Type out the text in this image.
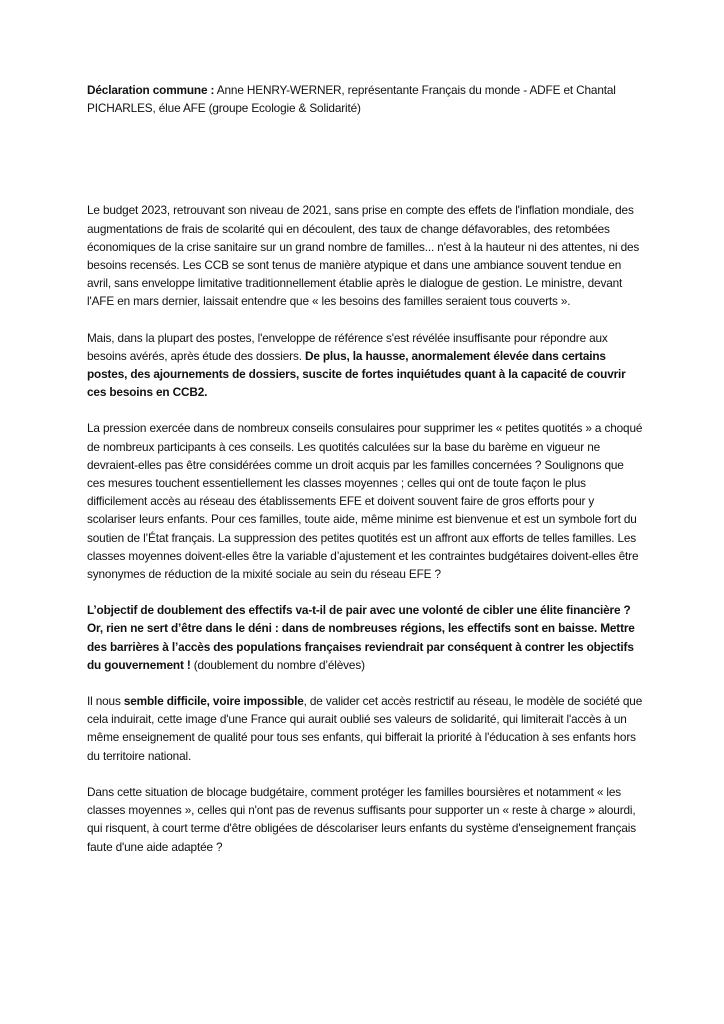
Déclaration commune : Anne HENRY-WERNER, représentante Français du monde - ADFE et Chantal PICHARLES, élue AFE (groupe Ecologie & Solidarité)

Le budget 2023, retrouvant son niveau de 2021, sans prise en compte des effets de l'inflation mondiale, des augmentations de frais de scolarité qui en découlent, des taux de change défavorables, des retombées économiques de la crise sanitaire sur un grand nombre de familles... n'est à la hauteur ni des attentes, ni des besoins recensés. Les CCB se sont tenus de manière atypique et dans une ambiance souvent tendue en avril, sans enveloppe limitative traditionnellement établie après le dialogue de gestion. Le ministre, devant l'AFE en mars dernier, laissait entendre que « les besoins des familles seraient tous couverts ».

Mais, dans la plupart des postes, l'enveloppe de référence s'est révélée insuffisante pour répondre aux besoins avérés, après étude des dossiers. De plus, la hausse, anormalement élevée dans certains postes, des ajournements de dossiers, suscite de fortes inquiétudes quant à la capacité de couvrir ces besoins en CCB2.

La pression exercée dans de nombreux conseils consulaires pour supprimer les « petites quotités » a choqué de nombreux participants à ces conseils. Les quotités calculées sur la base du barème en vigueur ne devraient-elles pas être considérées comme un droit acquis par les familles concernées ? Soulignons que ces mesures touchent essentiellement les classes moyennes ; celles qui ont de toute façon le plus difficilement accès au réseau des établissements EFE et doivent souvent faire de gros efforts pour y scolariser leurs enfants. Pour ces familles, toute aide, même minime est bienvenue et est un symbole fort du soutien de l’État français. La suppression des petites quotités est un affront aux efforts de telles familles. Les classes moyennes doivent-elles être la variable d’ajustement et les contraintes budgétaires doivent-elles être synonymes de réduction de la mixité sociale au sein du réseau EFE ?

L’objectif de doublement des effectifs va-t-il de pair avec une volonté de cibler une élite financière ? Or, rien ne sert d’être dans le déni : dans de nombreuses régions, les effectifs sont en baisse. Mettre des barrières à l’accès des populations françaises reviendrait par conséquent à contrer les objectifs du gouvernement ! (doublement du nombre d’élèves)

Il nous semble difficile, voire impossible, de valider cet accès restrictif au réseau, le modèle de société que cela induirait, cette image d'une France qui aurait oublié ses valeurs de solidarité, qui limiterait l'accès à un même enseignement de qualité pour tous ses enfants, qui bifferait la priorité à l'éducation à ses enfants hors du territoire national.

Dans cette situation de blocage budgétaire, comment protéger les familles boursières et notamment « les classes moyennes », celles qui n'ont pas de revenus suffisants pour supporter un « reste à charge » alourdi, qui risquent, à court terme d'être obligées de déscolariser leurs enfants du système d'enseignement français faute d'une aide adaptée ?
